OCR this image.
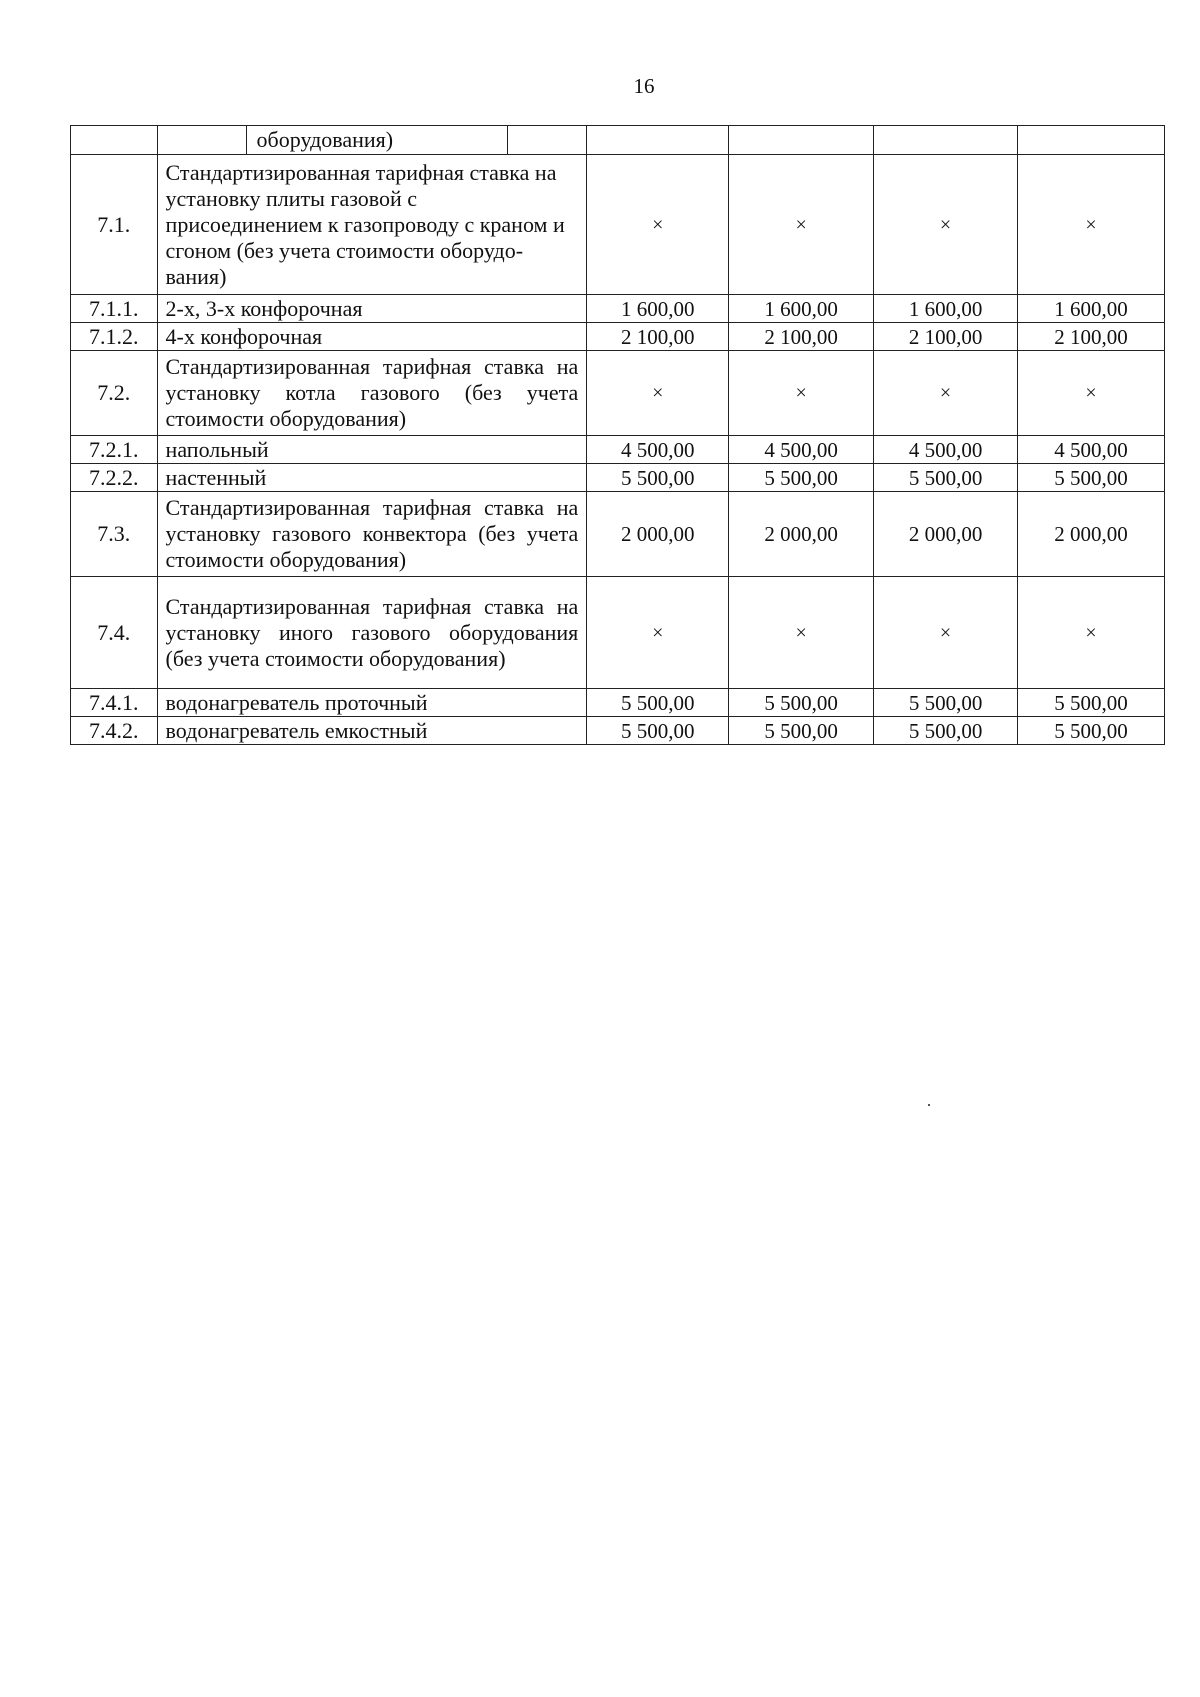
16

	оборудования)				

7.1.	Стандартизированная тарифная ставка на установку плиты газовой с присоединением к газопроводу с краном и сгоном (без учета стоимости оборудо-вания)	×	×	×	×
7.1.1.	2-х, 3-х конфорочная	1 600,00	1 600,00	1 600,00	1 600,00
7.1.2.	4-х конфорочная	2 100,00	2 100,00	2 100,00	2 100,00
7.2.	Стандартизированная тарифная ставка на установку котла газового (без учета стоимости оборудования)	×	×	×	×
7.2.1.	напольный	4 500,00	4 500,00	4 500,00	4 500,00
7.2.2.	настенный	5 500,00	5 500,00	5 500,00	5 500,00
7.3.	Стандартизированная тарифная ставка на установку газового конвектора (без учета стоимости оборудования)	2 000,00	2 000,00	2 000,00	2 000,00
7.4.	Стандартизированная тарифная ставка на установку иного газового оборудования (без учета стоимости оборудования)	×	×	×	×
7.4.1.	водонагреватель проточный	5 500,00	5 500,00	5 500,00	5 500,00
7.4.2.	водонагреватель емкостный	5 500,00	5 500,00	5 500,00	5 500,00
